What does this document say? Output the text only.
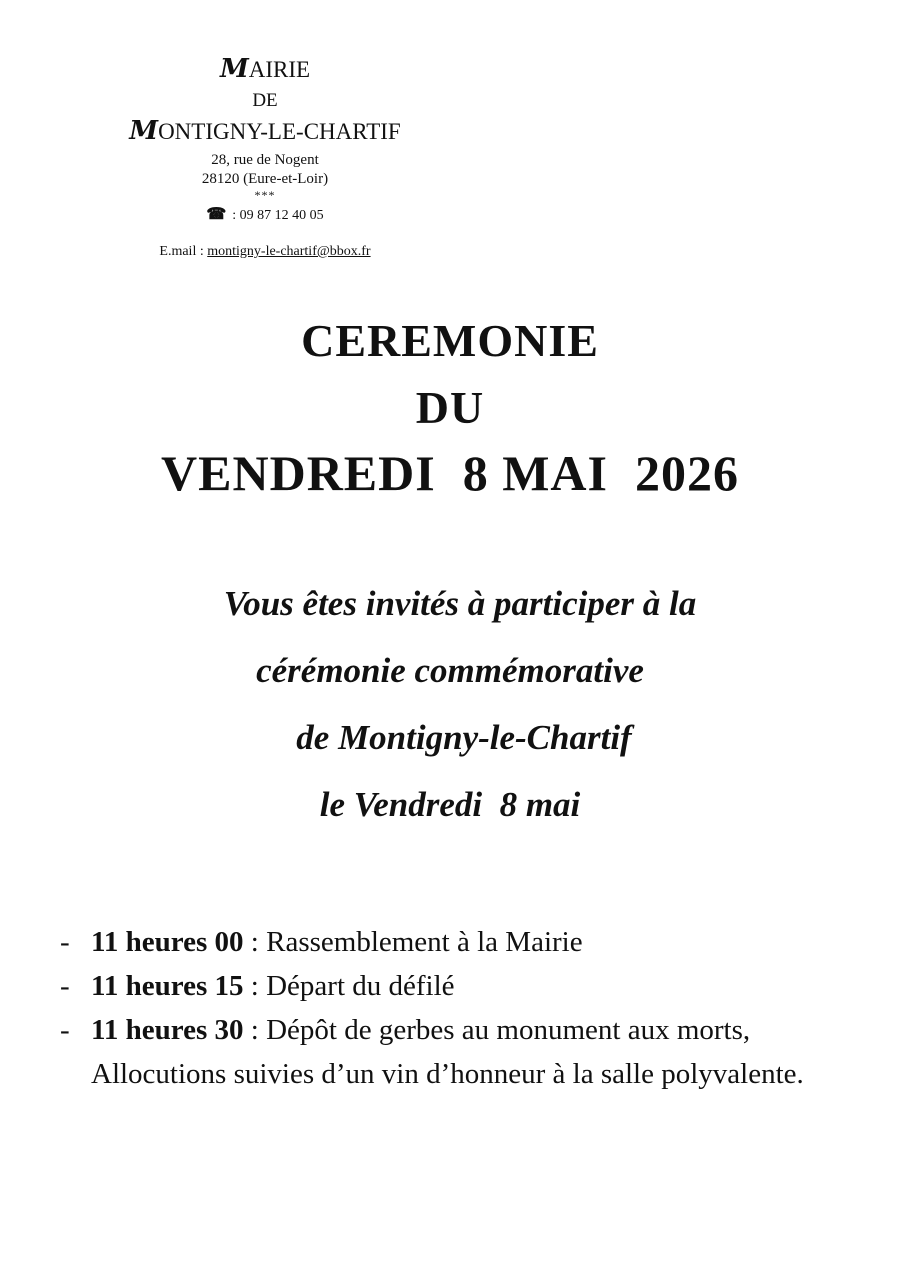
MAIRIE
DE
MONTIGNY-LE-CHARTIF
28, rue de Nogent
28120 (Eure-et-Loir)
***
☎ : 09 87 12 40 05
E.mail : montigny-le-chartif@bbox.fr
CEREMONIE
DU
VENDREDI  8 MAI  2026
Vous êtes invités à participer à la
cérémonie commémorative
de Montigny-le-Chartif
le Vendredi  8 mai
- 11 heures 00 : Rassemblement à la Mairie
- 11 heures 15 : Départ du défilé
- 11 heures 30 : Dépôt de gerbes au monument aux morts, Allocutions suivies d’un vin d’honneur à la salle polyvalente.
